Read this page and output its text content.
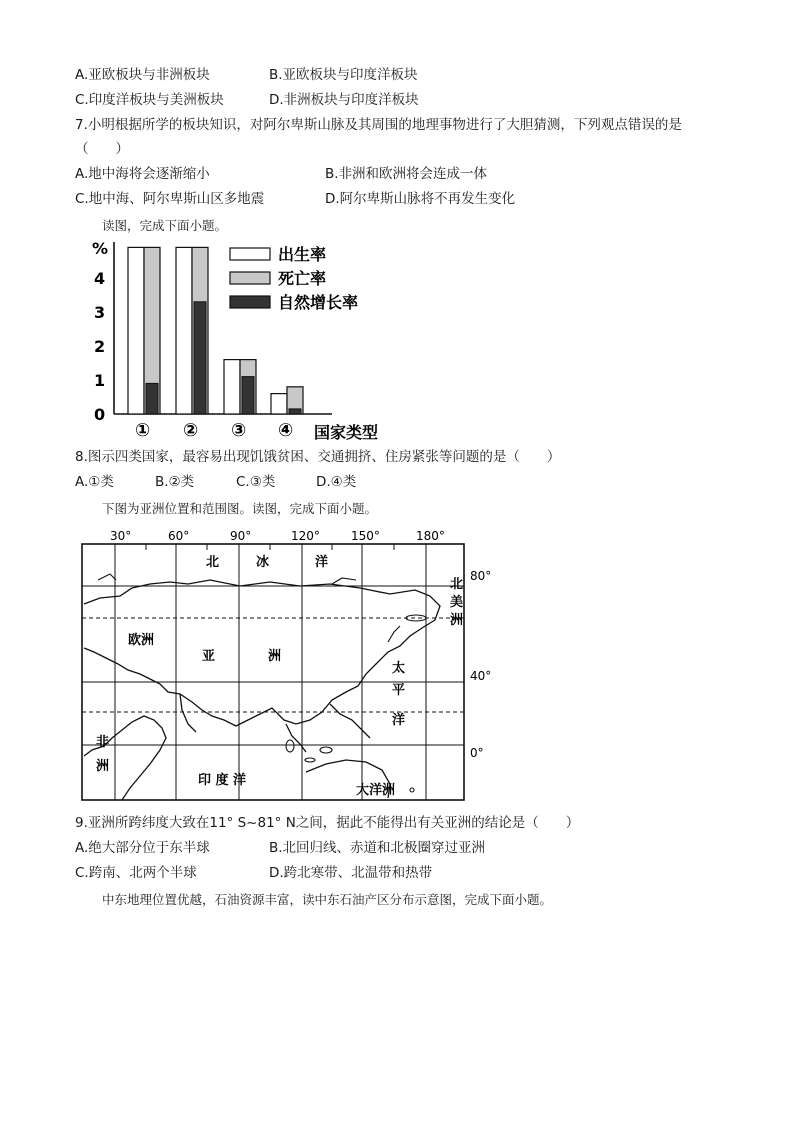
A.亚欧板块与非洲板块	B.亚欧板块与印度洋板块
C.印度洋板块与美洲板块	D.非洲板块与印度洋板块
7.小明根据所学的板块知识，对阿尔卑斯山脉及其周围的地理事物进行了大胆猜测，下列观点错误的是
（　　）
A.地中海将会逐渐缩小	B.非洲和欧洲将会连成一体
C.地中海、阿尔卑斯山区多地震	D.阿尔卑斯山脉将不再发生变化
读图，完成下面小题。
%
0
1
2
3
4
国家类型
① ② ③ ④
出生率
死亡率
自然增长率
8.图示四类国家，最容易出现饥饿贫困、交通拥挤、住房紧张等问题的是（　　）
A.①类	B.②类	C.③类	D.④类
下图为亚洲位置和范围图。读图，完成下面小题。
30°	60°	90°	120°	150°	180°
80°
40°
0°
北	冰	洋
北
美
洲
欧洲
亚	洲
太
平
洋
非
洲
印 度 洋
大洋洲
9.亚洲所跨纬度大致在11° S~81° N之间，据此不能得出有关亚洲的结论是（　　）
A.绝大部分位于东半球	B.北回归线、赤道和北极圈穿过亚洲
C.跨南、北两个半球	D.跨北寒带、北温带和热带
中东地理位置优越，石油资源丰富，读中东石油产区分布示意图，完成下面小题。
